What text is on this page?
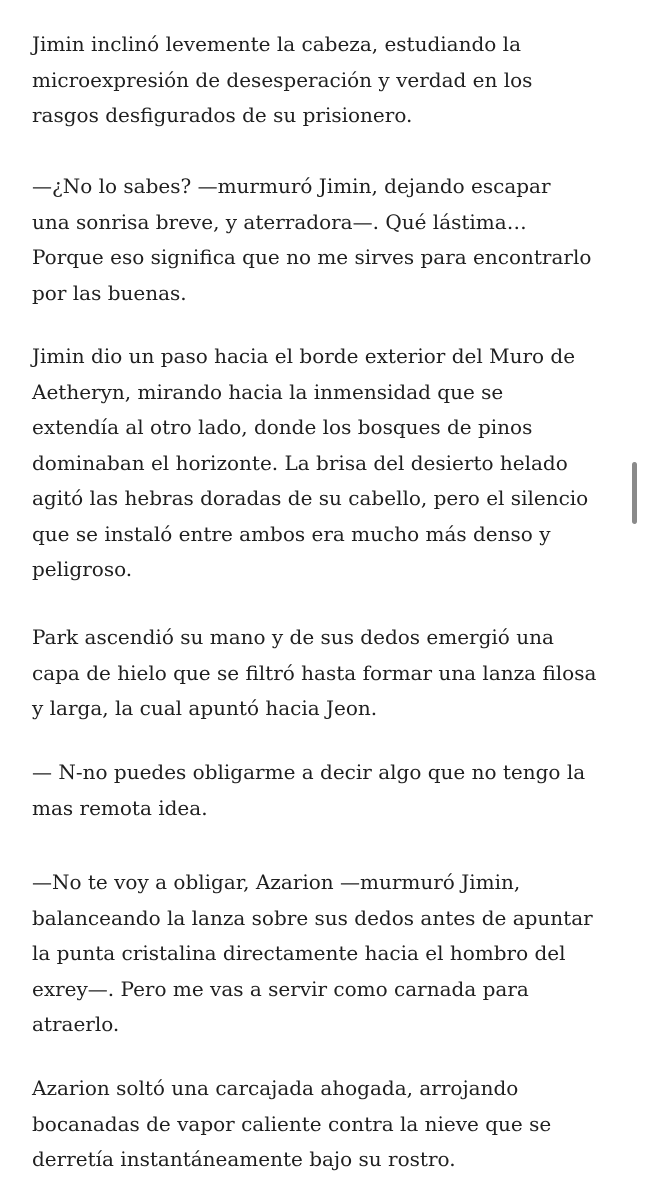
Jimin inclinó levemente la cabeza, estudiando la
microexpresión de desesperación y verdad en los
rasgos desfigurados de su prisionero.

—¿No lo sabes? —murmuró Jimin, dejando escapar
una sonrisa breve, y aterradora—. Qué lástima…
Porque eso significa que no me sirves para encontrarlo
por las buenas.

Jimin dio un paso hacia el borde exterior del Muro de
Aetheryn, mirando hacia la inmensidad que se
extendía al otro lado, donde los bosques de pinos
dominaban el horizonte. La brisa del desierto helado
agitó las hebras doradas de su cabello, pero el silencio
que se instaló entre ambos era mucho más denso y
peligroso.

Park ascendió su mano y de sus dedos emergió una
capa de hielo que se filtró hasta formar una lanza filosa
y larga, la cual apuntó hacia Jeon.

— N-no puedes obligarme a decir algo que no tengo la
mas remota idea.

—No te voy a obligar, Azarion —murmuró Jimin,
balanceando la lanza sobre sus dedos antes de apuntar
la punta cristalina directamente hacia el hombro del
exrey—. Pero me vas a servir como carnada para
atraerlo.

Azarion soltó una carcajada ahogada, arrojando
bocanadas de vapor caliente contra la nieve que se
derretía instantáneamente bajo su rostro.
